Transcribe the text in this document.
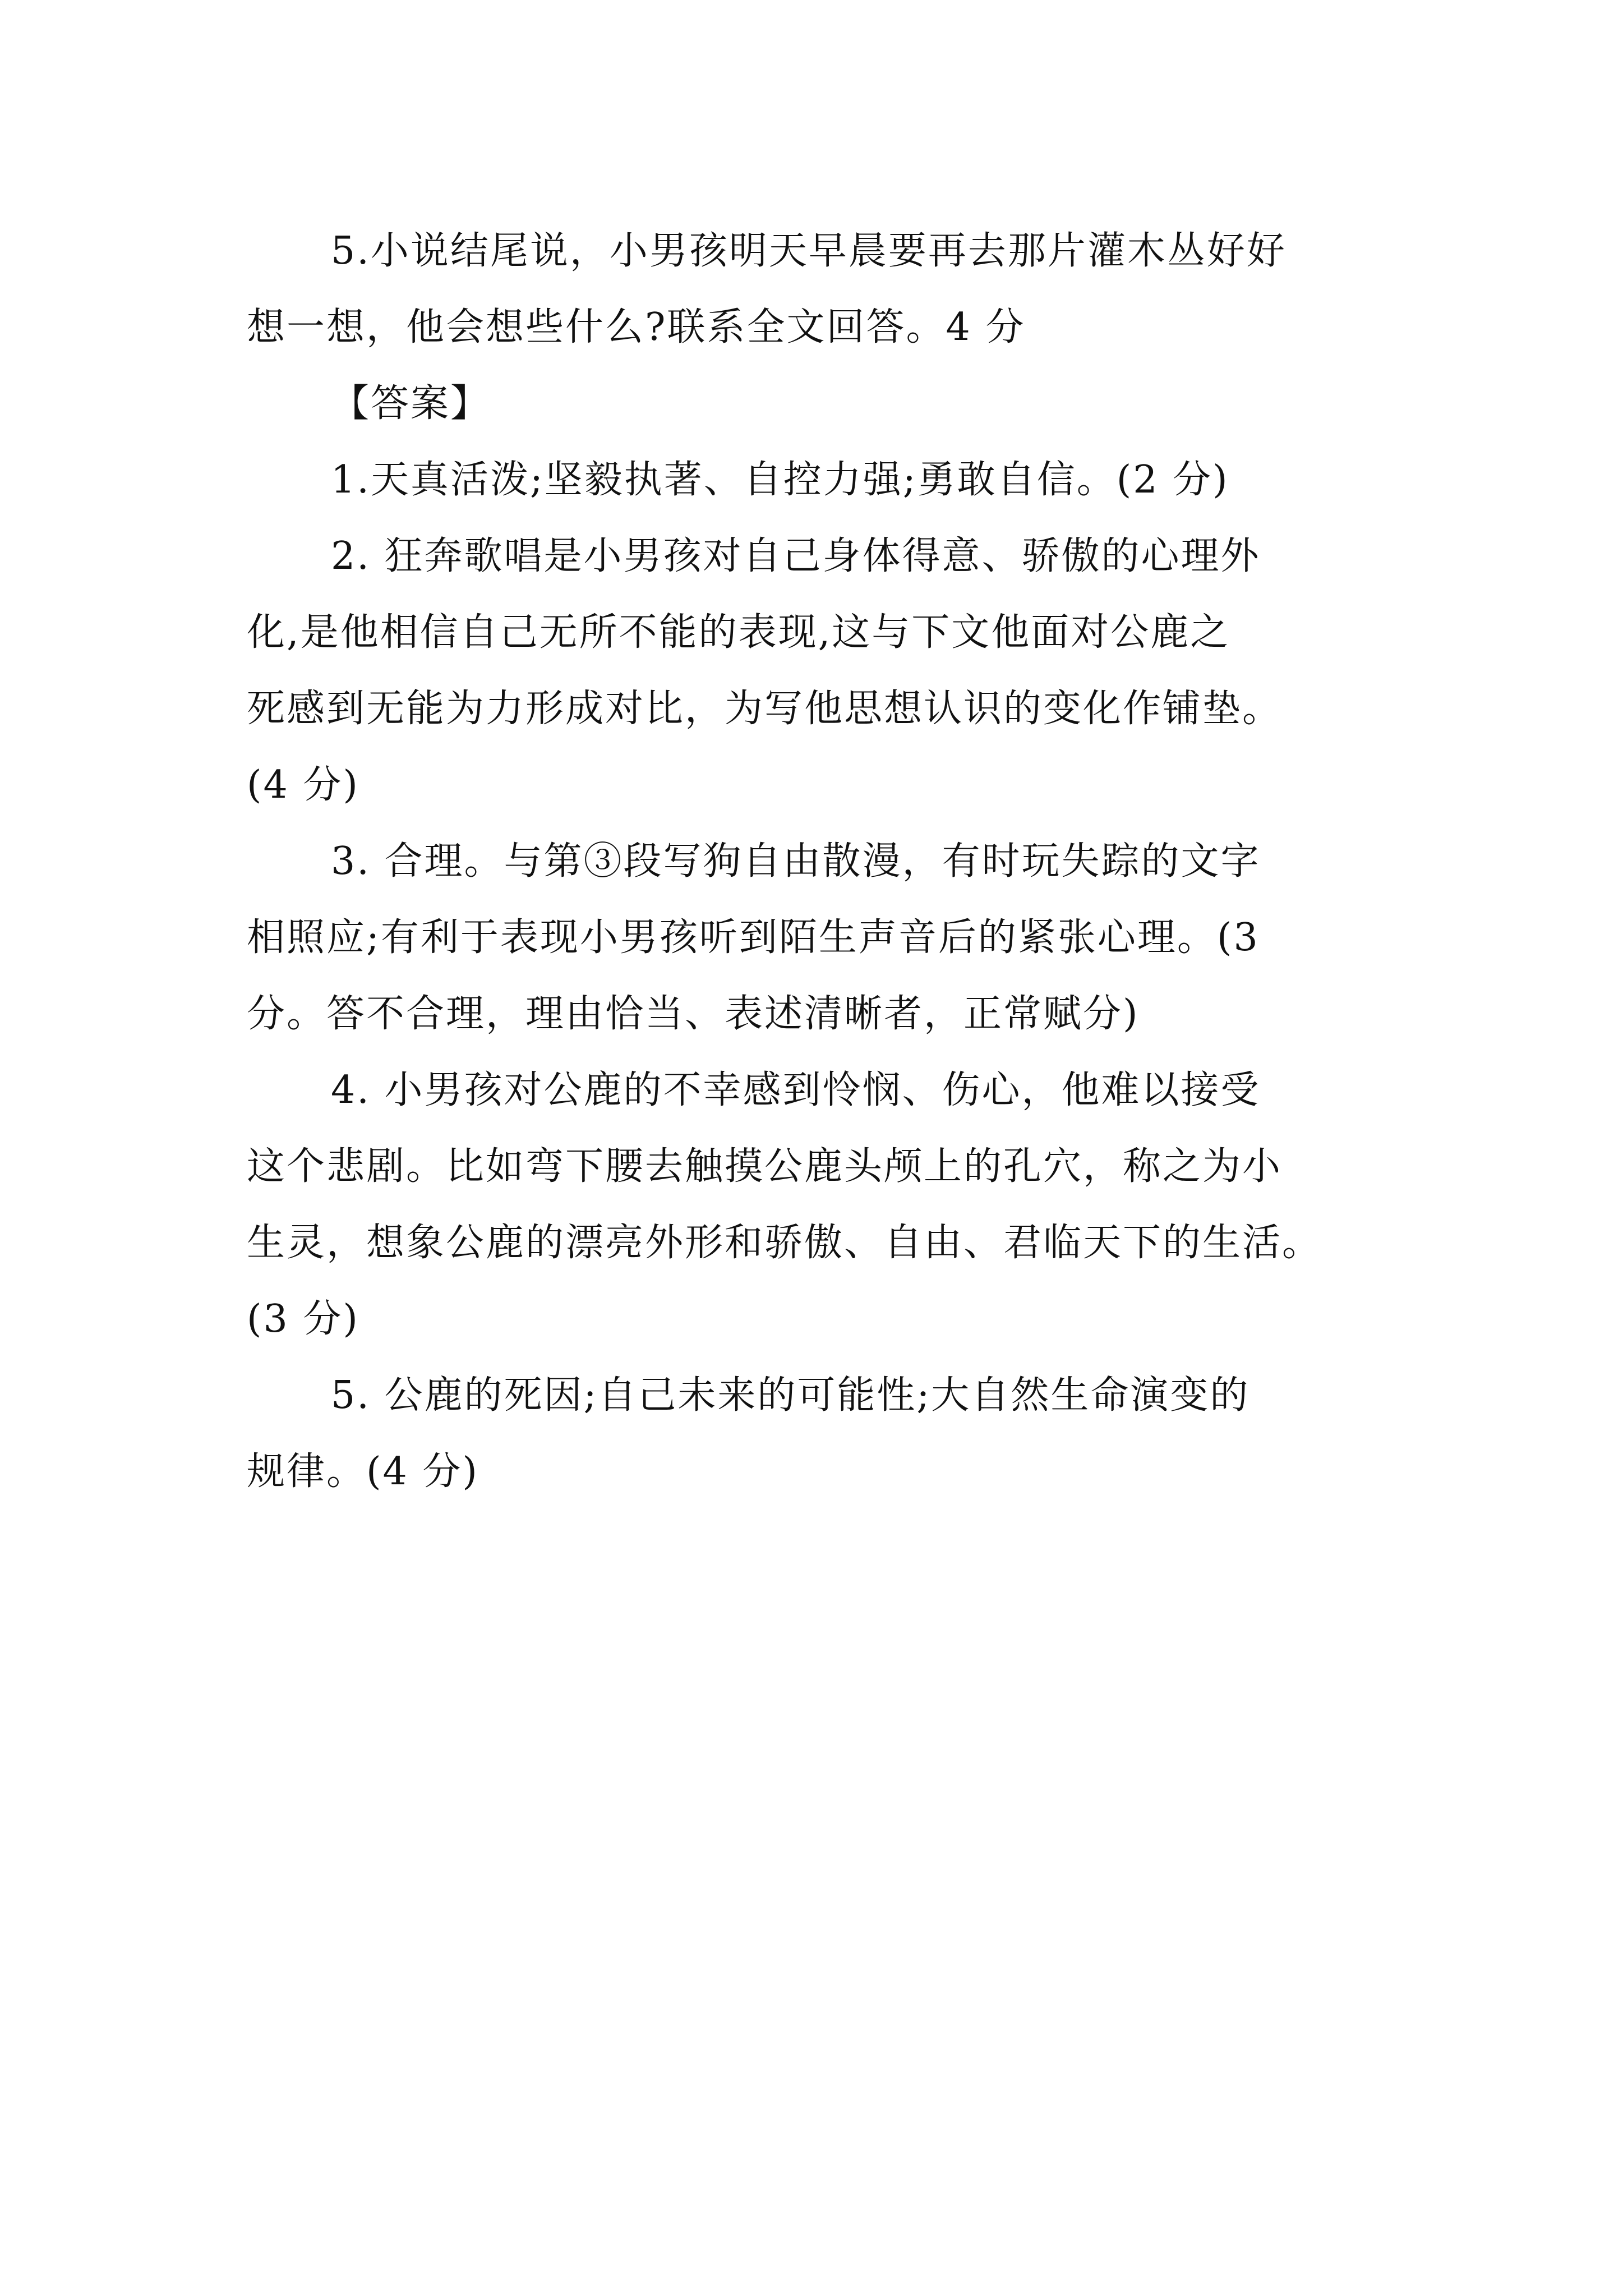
5.小说结尾说，小男孩明天早晨要再去那片灌木丛好好
想一想，他会想些什么?联系全文回答。4 分
【答案】
1.天真活泼;坚毅执著、自控力强;勇敢自信。(2 分)
2. 狂奔歌唱是小男孩对自己身体得意、骄傲的心理外
化,是他相信自己无所不能的表现,这与下文他面对公鹿之
死感到无能为力形成对比，为写他思想认识的变化作铺垫。
(4 分)
3. 合理。与第③段写狗自由散漫，有时玩失踪的文字
相照应;有利于表现小男孩听到陌生声音后的紧张心理。(3
分。答不合理，理由恰当、表述清晰者，正常赋分)
4. 小男孩对公鹿的不幸感到怜悯、伤心，他难以接受
这个悲剧。比如弯下腰去触摸公鹿头颅上的孔穴，称之为小
生灵，想象公鹿的漂亮外形和骄傲、自由、君临天下的生活。
(3 分)
5. 公鹿的死因;自己未来的可能性;大自然生命演变的
规律。(4 分)
